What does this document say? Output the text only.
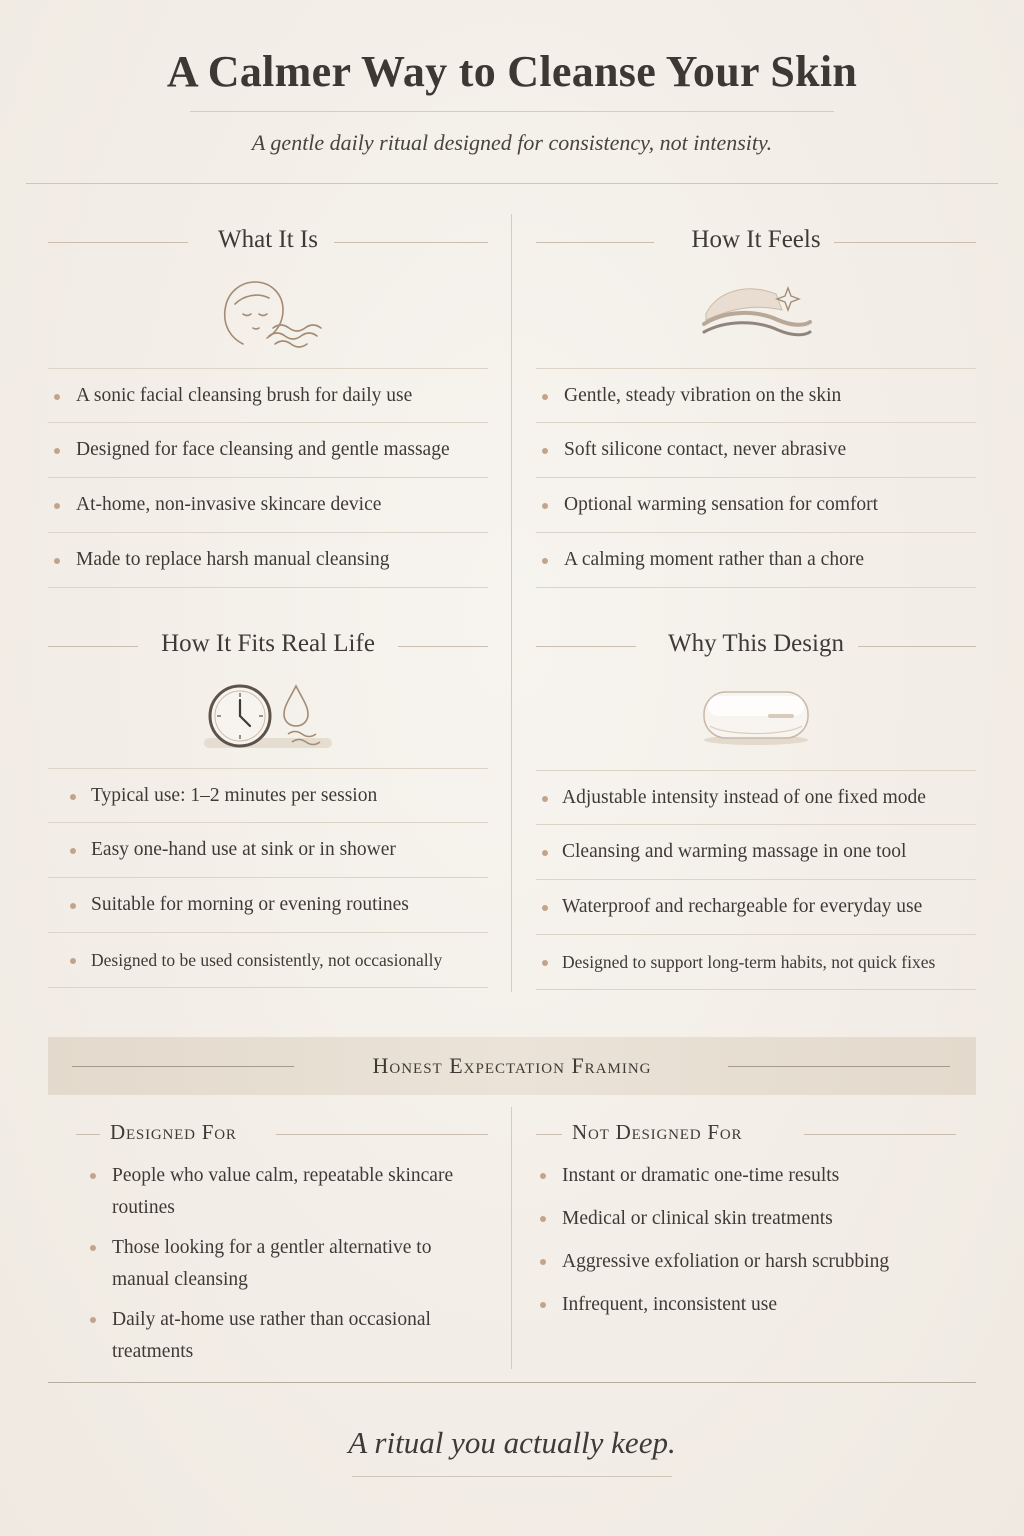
A Calmer Way to Cleanse Your Skin

A gentle daily ritual designed for consistency, not intensity.

What It Is
A sonic facial cleansing brush for daily use
Designed for face cleansing and gentle massage
At-home, non-invasive skincare device
Made to replace harsh manual cleansing
How It Feels
Gentle, steady vibration on the skin
Soft silicone contact, never abrasive
Optional warming sensation for comfort
A calming moment rather than a chore
How It Fits Real Life
Typical use: 1–2 minutes per session
Easy one-hand use at sink or in shower
Suitable for morning or evening routines
Designed to be used consistently, not occasionally
Why This Design
Adjustable intensity instead of one fixed mode
Cleansing and warming massage in one tool
Waterproof and rechargeable for everyday use
Designed to support long-term habits, not quick fixes
Honest Expectation Framing
Designed For
People who value calm, repeatable skincare routines
Those looking for a gentler alternative to manual cleansing
Daily at-home use rather than occasional treatments
Not Designed For
Instant or dramatic one-time results
Medical or clinical skin treatments
Aggressive exfoliation or harsh scrubbing
Infrequent, inconsistent use

A ritual you actually keep.
